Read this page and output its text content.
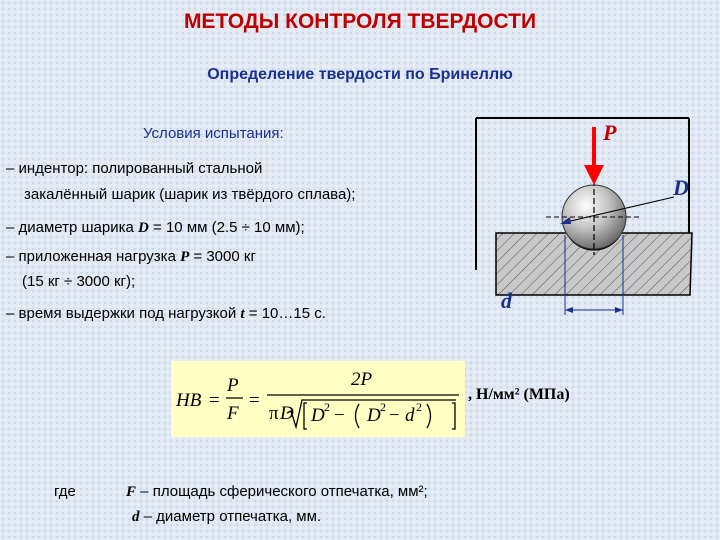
МЕТОДЫ КОНТРОЛЯ ТВЕРДОСТИ
Определение твердости по Бринеллю
Условия испытания:
– индентор: полированный стальной
закалённый шарик (шарик из твёрдого сплава);
– диаметр шарика D = 10 мм (2.5 ÷ 10 мм);
– приложенная нагрузка P = 3000 кг
(15 кг ÷ 3000 кг);
– время выдержки под нагрузкой t = 10…15 с.
P
D
d
HB =
P
F
=
2P
π D D 2 − D 2 − d 2
, Н/мм² (МПа)
где	F – площадь сферического отпечатка, мм²;
d – диаметр отпечатка, мм.
